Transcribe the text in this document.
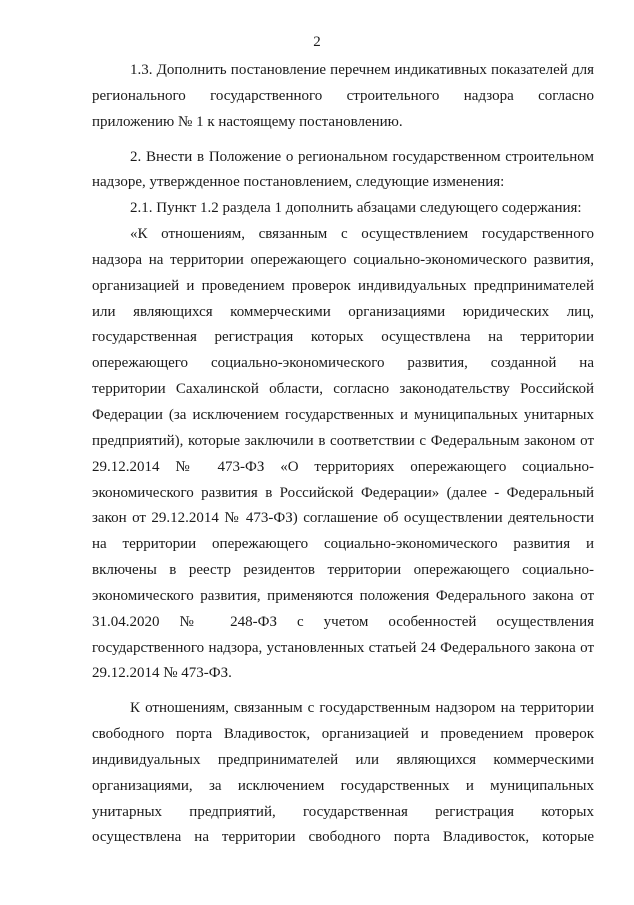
2
1.3. Дополнить постановление перечнем индикативных показателей для
регионального государственного строительного надзора согласно
приложению № 1 к настоящему постановлению.
2. Внести в Положение о региональном государственном строительном
надзоре, утвержденное постановлением, следующие изменения:
2.1. Пункт 1.2 раздела 1 дополнить абзацами следующего содержания:
«К отношениям, связанным с осуществлением государственного
надзора на территории опережающего социально-экономического развития,
организацией и проведением проверок индивидуальных предпринимателей
или являющихся коммерческими организациями юридических лиц,
государственная регистрация которых осуществлена на территории
опережающего социально-экономического развития, созданной на
территории Сахалинской области, согласно законодательству Российской
Федерации (за исключением государственных и муниципальных унитарных
предприятий), которые заключили в соответствии с Федеральным законом от
29.12.2014 № 473-ФЗ «О территориях опережающего социально-
экономического развития в Российской Федерации» (далее - Федеральный
закон от 29.12.2014 № 473-ФЗ) соглашение об осуществлении деятельности
на территории опережающего социально-экономического развития и
включены в реестр резидентов территории опережающего социально-
экономического развития, применяются положения Федерального закона от
31.04.2020 № 248-ФЗ с учетом особенностей осуществления
государственного надзора, установленных статьей 24 Федерального закона от
29.12.2014 № 473-ФЗ.
К отношениям, связанным с государственным надзором на территории
свободного порта Владивосток, организацией и проведением проверок
индивидуальных предпринимателей или являющихся коммерческими
организациями, за исключением государственных и муниципальных
унитарных предприятий, государственная регистрация которых
осуществлена на территории свободного порта Владивосток, которые
